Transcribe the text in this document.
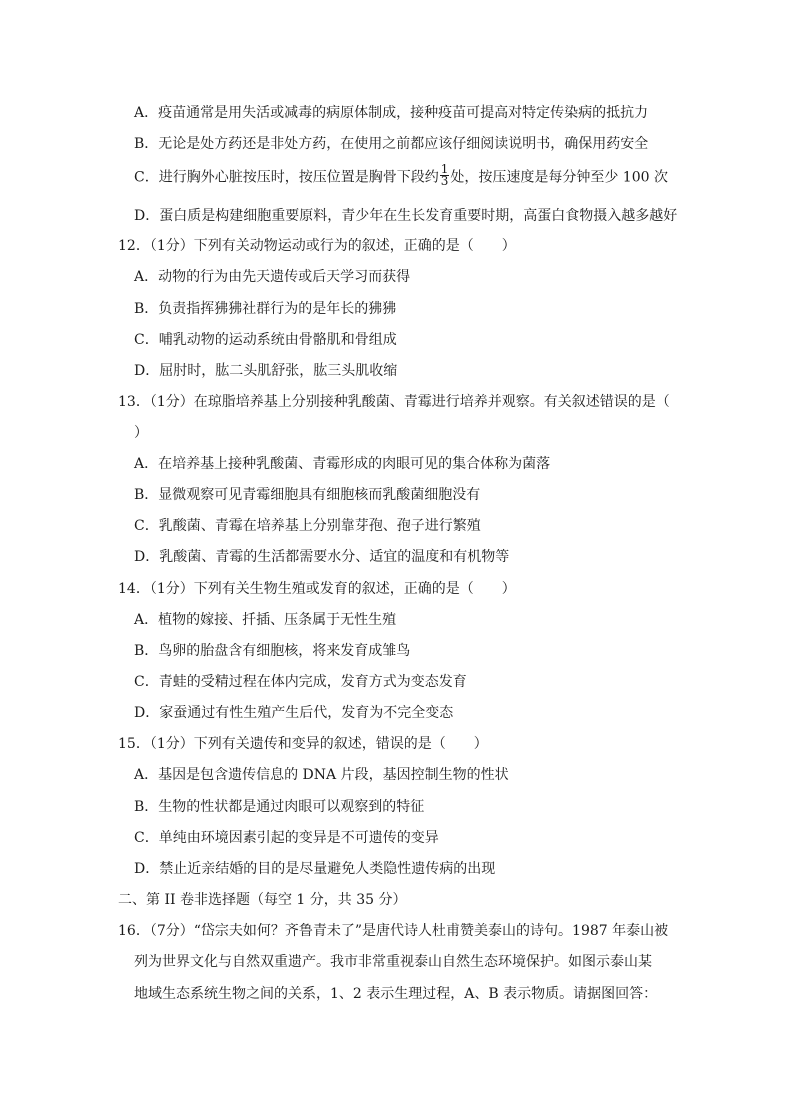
A．疫苗通常是用失活或减毒的病原体制成，接种疫苗可提高对特定传染病的抵抗力
B．无论是处方药还是非处方药，在使用之前都应该仔细阅读说明书，确保用药安全
C．进行胸外心脏按压时，按压位置是胸骨下段约 $\frac{1}{3}$ 处，按压速度是每分钟至少 100 次
D．蛋白质是构建细胞重要原料，青少年在生长发育重要时期，高蛋白食物摄入越多越好
12．（1分）下列有关动物运动或行为的叙述，正确的是（　　）
A．动物的行为由先天遗传或后天学习而获得
B．负责指挥狒狒社群行为的是年长的狒狒
C．哺乳动物的运动系统由骨骼肌和骨组成
D．屈肘时，肱二头肌舒张，肱三头肌收缩
13．（1分）在琼脂培养基上分别接种乳酸菌、青霉进行培养并观察。有关叙述错误的是（
）
A．在培养基上接种乳酸菌、青霉形成的肉眼可见的集合体称为菌落
B．显微观察可见青霉细胞具有细胞核而乳酸菌细胞没有
C．乳酸菌、青霉在培养基上分别靠芽孢、孢子进行繁殖
D．乳酸菌、青霉的生活都需要水分、适宜的温度和有机物等
14．（1分）下列有关生物生殖或发育的叙述，正确的是（　　）
A．植物的嫁接、扦插、压条属于无性生殖
B．鸟卵的胎盘含有细胞核，将来发育成雏鸟
C．青蛙的受精过程在体内完成，发育方式为变态发育
D．家蚕通过有性生殖产生后代，发育为不完全变态
15．（1分）下列有关遗传和变异的叙述，错误的是（　　）
A．基因是包含遗传信息的 DNA 片段，基因控制生物的性状
B．生物的性状都是通过肉眼可以观察到的特征
C．单纯由环境因素引起的变异是不可遗传的变异
D．禁止近亲结婚的目的是尽量避免人类隐性遗传病的出现
二、第 II 卷非选择题（每空 1 分，共 35 分）
16．（7分）“岱宗夫如何？齐鲁青未了”是唐代诗人杜甫赞美泰山的诗句。1987 年泰山被
列为世界文化与自然双重遗产。我市非常重视泰山自然生态环境保护。如图示泰山某
地域生态系统生物之间的关系，1、2 表示生理过程，A、B 表示物质。请据图回答：
